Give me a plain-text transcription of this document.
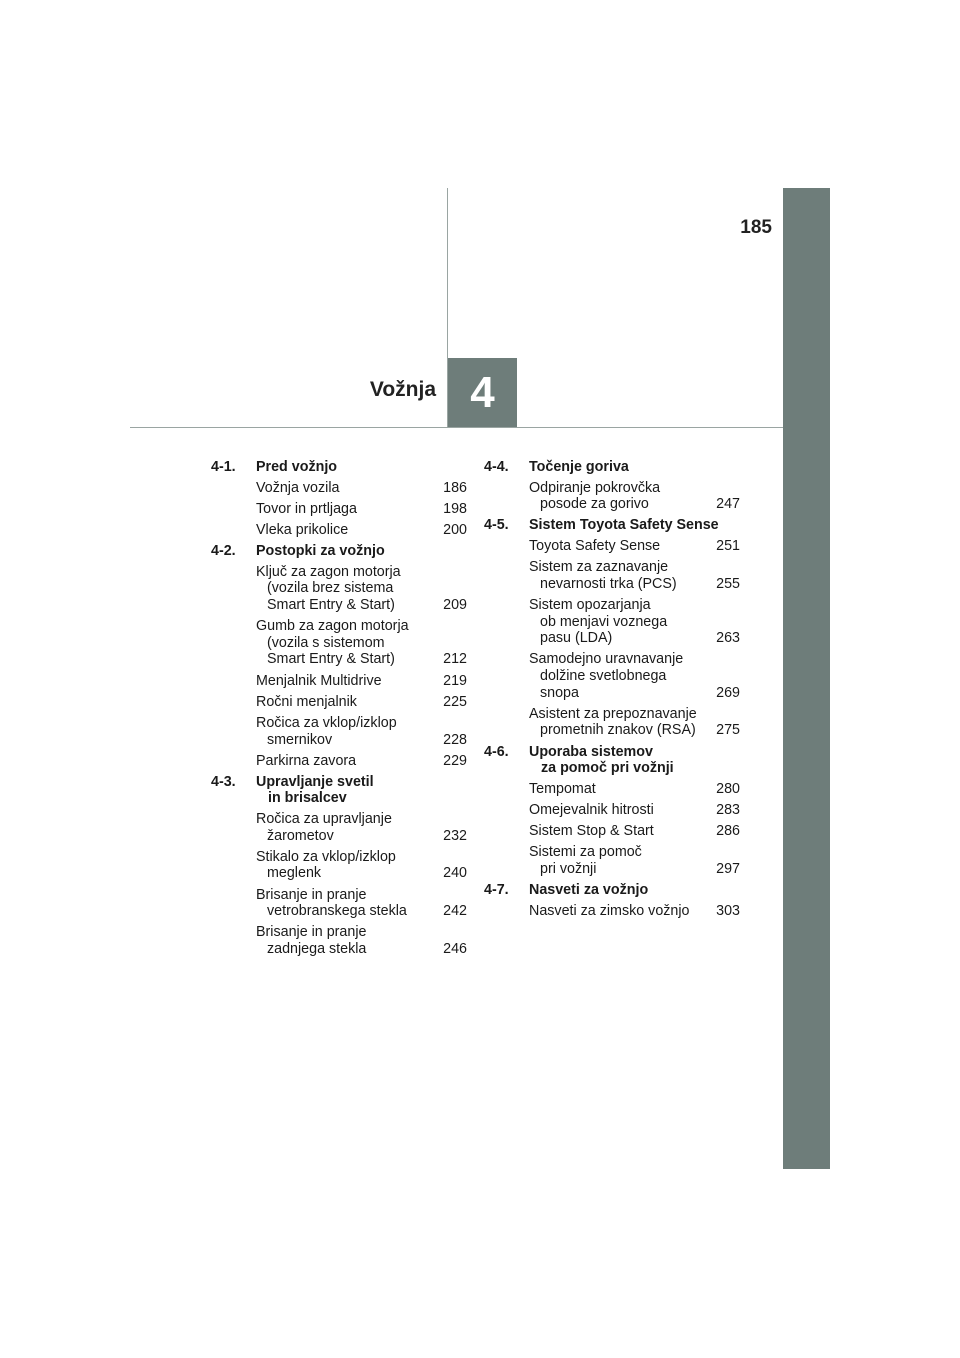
185
Vožnja 4
4-1.	Pred vožnjo
Vožnja vozila	186
Tovor in prtljaga	198
Vleka prikolice	200
4-2.	Postopki za vožnjo
Ključ za zagon motorja
(vozila brez sistema
Smart Entry & Start)	209
Gumb za zagon motorja
(vozila s sistemom
Smart Entry & Start)	212
Menjalnik Multidrive	219
Ročni menjalnik	225
Ročica za vklop/izklop
smernikov	228
Parkirna zavora	229
4-3.	Upravljanje svetil
in brisalcev
Ročica za upravljanje
žarometov	232
Stikalo za vklop/izklop
meglenk	240
Brisanje in pranje
vetrobranskega stekla	242
Brisanje in pranje
zadnjega stekla	246
4-4.	Točenje goriva
Odpiranje pokrovčka
posode za gorivo	247
4-5.	Sistem Toyota Safety Sense
Toyota Safety Sense	251
Sistem za zaznavanje
nevarnosti trka (PCS)	255
Sistem opozarjanja
ob menjavi voznega
pasu (LDA)	263
Samodejno uravnavanje
dolžine svetlobnega
snopa	269
Asistent za prepoznavanje
prometnih znakov (RSA)	275
4-6.	Uporaba sistemov
za pomoč pri vožnji
Tempomat	280
Omejevalnik hitrosti	283
Sistem Stop & Start	286
Sistemi za pomoč
pri vožnji	297
4-7.	Nasveti za vožnjo
Nasveti za zimsko vožnjo	303
